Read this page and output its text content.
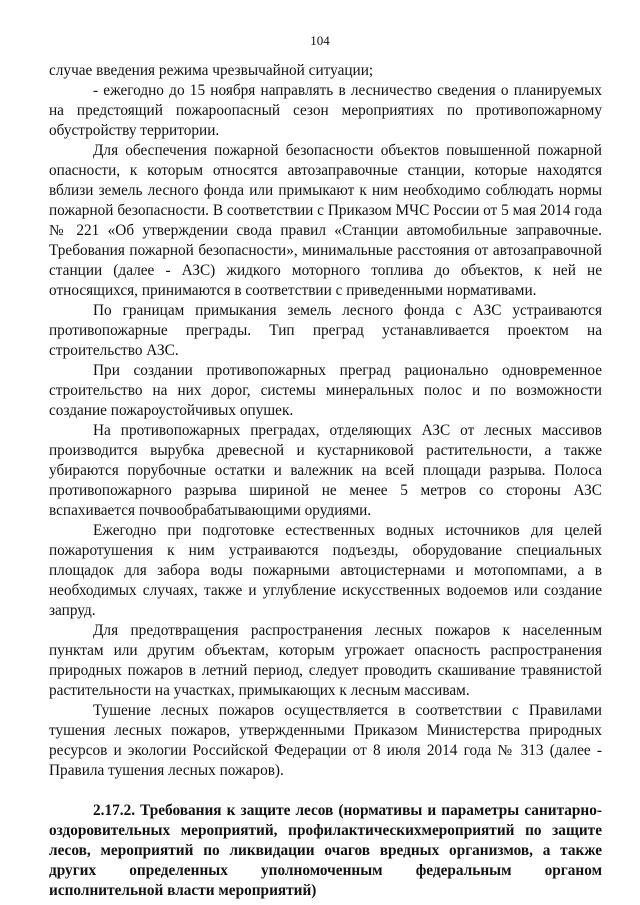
104

случае введения режима чрезвычайной ситуации;

- ежегодно до 15 ноября направлять в лесничество сведения о планируемых на предстоящий пожароопасный сезон мероприятиях по противопожарному обустройству территории.

Для обеспечения пожарной безопасности объектов повышенной пожарной опасности, к которым относятся автозаправочные станции, которые находятся вблизи земель лесного фонда или примыкают к ним необходимо соблюдать нормы пожарной безопасности. В соответствии с Приказом МЧС России от 5 мая 2014 года № 221 «Об утверждении свода правил «Станции автомобильные заправочные. Требования пожарной безопасности», минимальные расстояния от автозаправочной станции (далее - АЗС) жидкого моторного топлива до объектов, к ней не относящихся, принимаются в соответствии с приведенными нормативами.

По границам примыкания земель лесного фонда с АЗС устраиваются противопожарные преграды. Тип преград устанавливается проектом на строительство АЗС.

При создании противопожарных преград рационально одновременное строительство на них дорог, системы минеральных полос и по возможности создание пожароустойчивых опушек.

На противопожарных преградах, отделяющих АЗС от лесных массивов производится вырубка древесной и кустарниковой растительности, а также убираются порубочные остатки и валежник на всей площади разрыва. Полоса противопожарного разрыва шириной не менее 5 метров со стороны АЗС вспахивается почвообрабатывающими орудиями.

Ежегодно при подготовке естественных водных источников для целей пожаротушения к ним устраиваются подъезды, оборудование специальных площадок для забора воды пожарными автоцистернами и мотопомпами, а в необходимых случаях, также и углубление искусственных водоемов или создание запруд.

Для предотвращения распространения лесных пожаров к населенным пунктам или другим объектам, которым угрожает опасность распространения природных пожаров в летний период, следует проводить скашивание травянистой растительности на участках, примыкающих к лесным массивам.

Тушение лесных пожаров осуществляется в соответствии с Правилами тушения лесных пожаров, утвержденными Приказом Министерства природных ресурсов и экологии Российской Федерации от 8 июля 2014 года № 313 (далее - Правила тушения лесных пожаров).

2.17.2. Требования к защите лесов (нормативы и параметры санитарно-оздоровительных мероприятий, профилактическихмероприятий по защите лесов, мероприятий по ликвидации очагов вредных организмов, а также других определенных уполномоченным федеральным органом исполнительной власти мероприятий)
